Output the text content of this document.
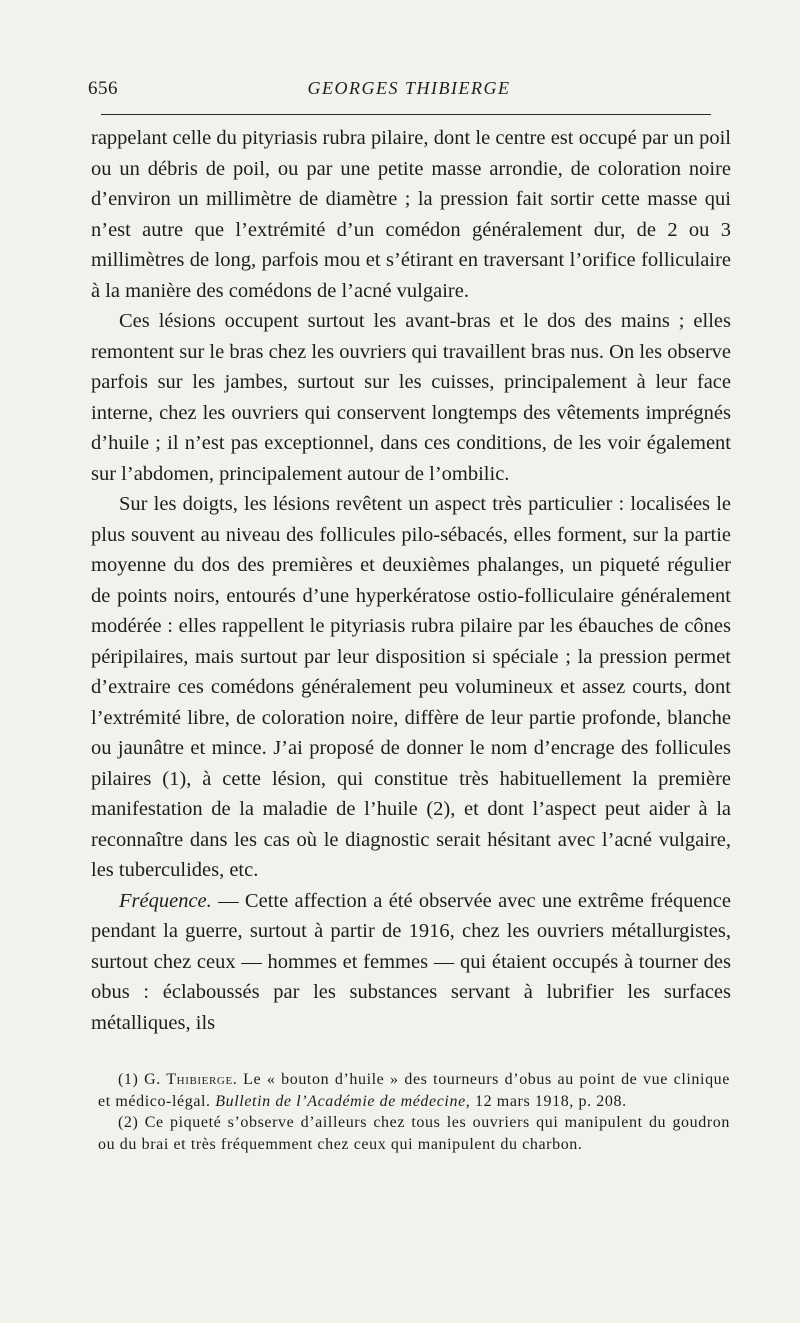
656	GEORGES THIBIERGE

rappelant celle du pityriasis rubra pilaire, dont le centre est occupé par un poil ou un débris de poil, ou par une petite masse arrondie, de coloration noire d’environ un millimètre de diamètre ; la pression fait sortir cette masse qui n’est autre que l’extrémité d’un comédon généralement dur, de 2 ou 3 millimètres de long, parfois mou et s’étirant en traversant l’orifice folliculaire à la manière des comédons de l’acné vulgaire.

Ces lésions occupent surtout les avant-bras et le dos des mains ; elles remontent sur le bras chez les ouvriers qui travaillent bras nus. On les observe parfois sur les jambes, surtout sur les cuisses, principalement à leur face interne, chez les ouvriers qui conservent longtemps des vêtements imprégnés d’huile ; il n’est pas exceptionnel, dans ces conditions, de les voir également sur l’abdomen, principalement autour de l’ombilic.

Sur les doigts, les lésions revêtent un aspect très particulier : localisées le plus souvent au niveau des follicules pilo-sébacés, elles forment, sur la partie moyenne du dos des premières et deuxièmes phalanges, un piqueté régulier de points noirs, entourés d’une hyperkératose ostio-folliculaire généralement modérée : elles rappellent le pityriasis rubra pilaire par les ébauches de cônes péripilaires, mais surtout par leur disposition si spéciale ; la pression permet d’extraire ces comédons généralement peu volumineux et assez courts, dont l’extrémité libre, de coloration noire, diffère de leur partie profonde, blanche ou jaunâtre et mince. J’ai proposé de donner le nom d’encrage des follicules pilaires (1), à cette lésion, qui constitue très habituellement la première manifestation de la maladie de l’huile (2), et dont l’aspect peut aider à la reconnaître dans les cas où le diagnostic serait hésitant avec l’acné vulgaire, les tuberculides, etc.

Fréquence. — Cette affection a été observée avec une extrême fréquence pendant la guerre, surtout à partir de 1916, chez les ouvriers métallurgistes, surtout chez ceux — hommes et femmes — qui étaient occupés à tourner des obus : éclaboussés par les substances servant à lubrifier les surfaces métalliques, ils

(1) G. Thibierge. Le « bouton d’huile » des tourneurs d’obus au point de vue clinique et médico-légal. Bulletin de l’Académie de médecine, 12 mars 1918, p. 208.

(2) Ce piqueté s’observe d’ailleurs chez tous les ouvriers qui manipulent du goudron ou du brai et très fréquemment chez ceux qui manipulent du charbon.
